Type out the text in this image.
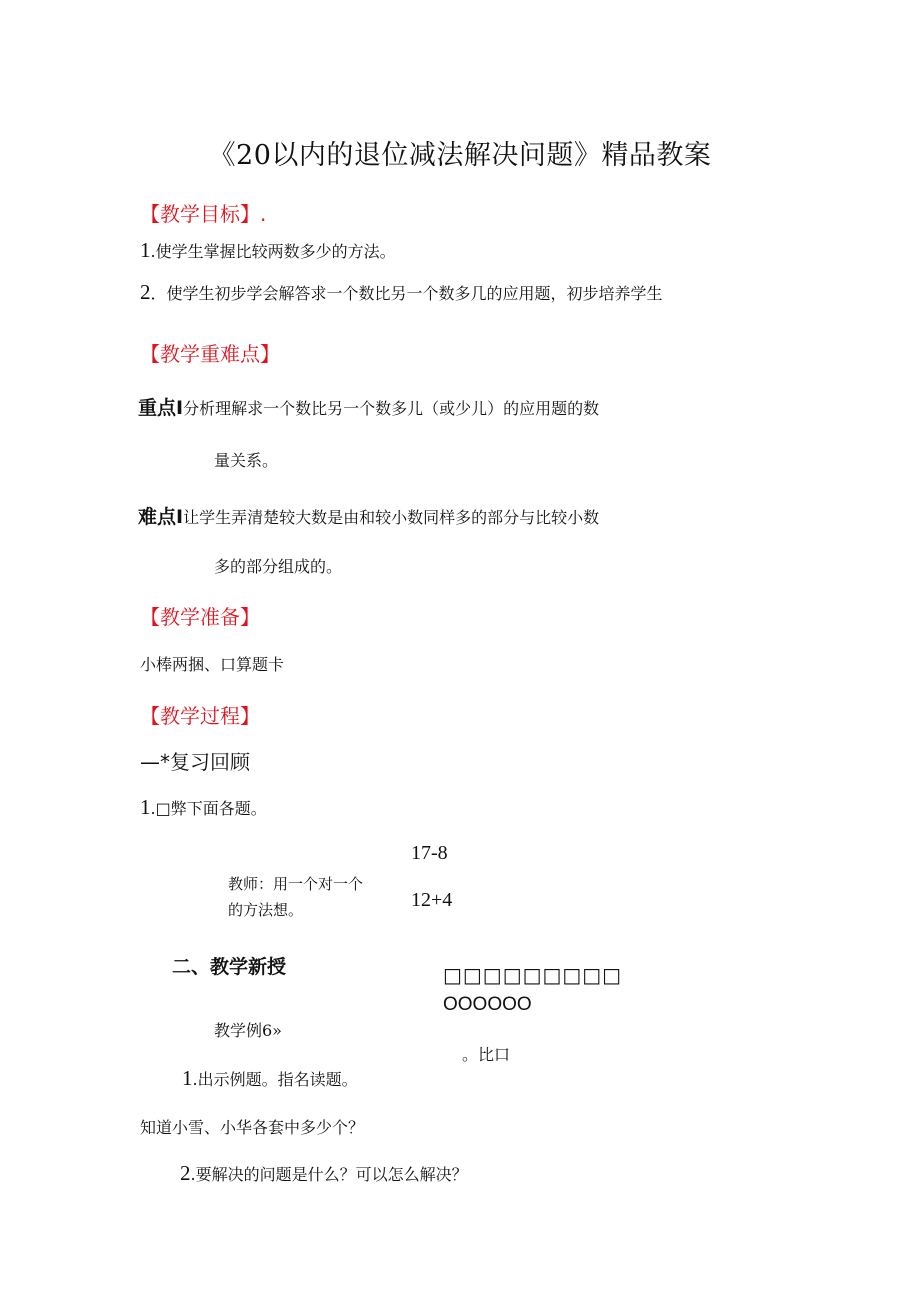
《20以内的退位减法解决问题》精品教案
【教学目标】.
1.使学生掌握比较两数多少的方法。
2．使学生初步学会解答求一个数比另一个数多几的应用题，初步培养学生
【教学重难点】
重点I分析理解求一个数比另一个数多儿（或少儿）的应用题的数
量关系。
难点I让学生弄清楚较大数是由和较小数同样多的部分与比较小数
多的部分组成的。
【教学准备】
小棒两捆、口算题卡
【教学过程】
—*复习回顾
1.□弊下面各题。
17-8
教师：用一个对一个
12+4
的方法想。
二、教学新授	□□□□□□□□□
OOOOOO
教学例6»
。比口
1.出示例题。指名读题。
知道小雪、小华各套中多少个？
2.要解决的问题是什么？可以怎么解决？
